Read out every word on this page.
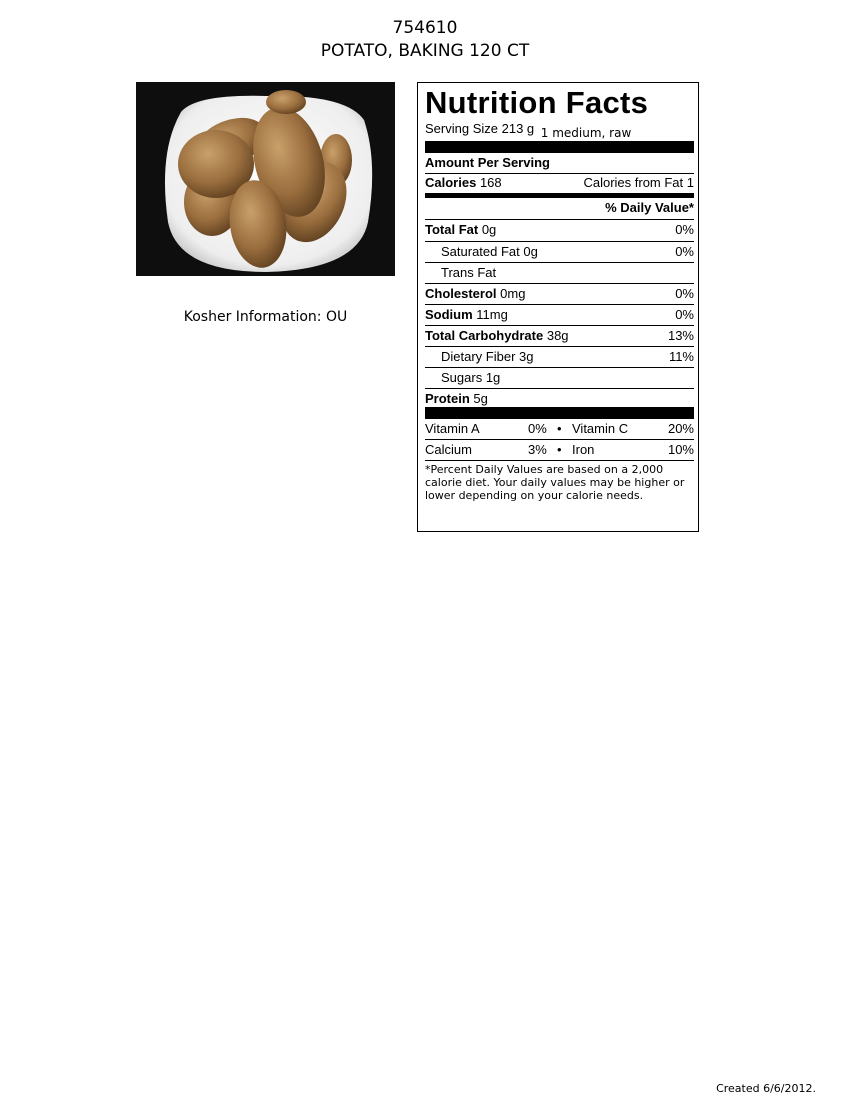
754610
POTATO, BAKING 120 CT
Kosher Information: OU
Nutrition Facts
Serving Size 213 g 1 medium, raw
Amount Per Serving
Calories 168	Calories from Fat 1
% Daily Value*
Total Fat 0g	0%
Saturated Fat 0g	0%
Trans Fat
Cholesterol 0mg	0%
Sodium 11mg	0%
Total Carbohydrate 38g	13%
Dietary Fiber 3g	11%
Sugars 1g
Protein 5g
Vitamin A	0% • Vitamin C	20%
Calcium	3% • Iron	10%
*Percent Daily Values are based on a 2,000 calorie diet. Your daily values may be higher or lower depending on your calorie needs.
Created 6/6/2012.
